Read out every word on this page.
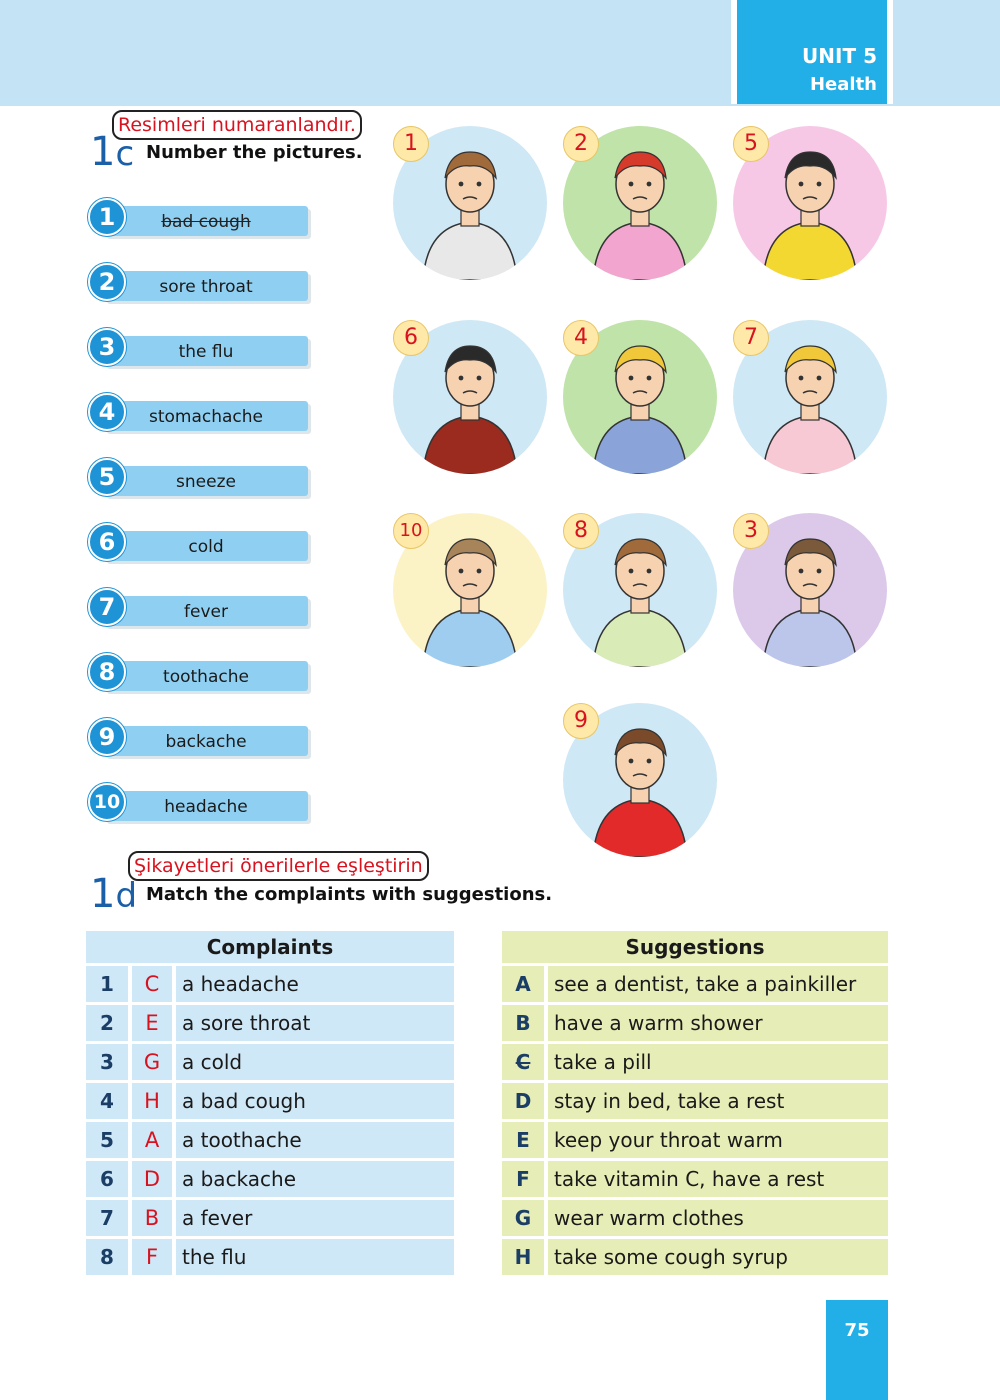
UNIT 5
Health
Resimleri numaranlandır.
1c Number the pictures.
bad cough
1
sore throat
2
the flu
3
stomachache
4
sneeze
5
cold
6
fever
7
toothache
8
backache
9
headache
10
1	2	5
6	4	7
10	8	3
9
Şikayetleri önerilerle eşleştirin
1d Match the complaints with suggestions.
Complaints		
1	C	a headache
2	E	a sore throat
3	G	a cold
4	H	a bad cough
5	A	a toothache
6	D	a backache
7	B	a fever
8	F	the flu
Suggestions	
A	see a dentist, take a painkiller
B	have a warm shower
C	take a pill
D	stay in bed, take a rest
E	keep your throat warm
F	take vitamin C, have a rest
G	wear warm clothes
H	take some cough syrup
75
